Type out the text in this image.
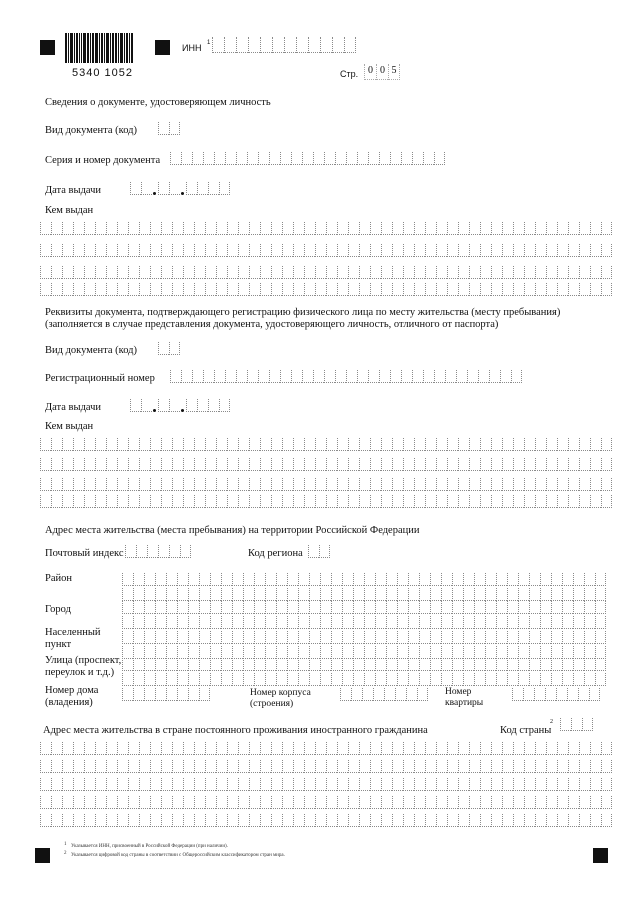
5340 1052
ИНН 1
Стр. 0 0 5
Сведения о документе, удостоверяющем личность
Вид документа (код)
Серия и номер документа
Дата выдачи
Кем выдан
Реквизиты документа, подтверждающего регистрацию физического лица по месту жительства (месту пребывания) (заполняется в случае представления документа, удостоверяющего личность, отличного от паспорта)
Вид документа (код)
Регистрационный номер
Дата выдачи
Кем выдан
Адрес места жительства (места пребывания) на территории Российской Федерации
Почтовый индекс	Код региона
Район
Город
Населенный
пункт
Улица (проспект,
переулок и т.д.)
Номер дома
(владения)
Номер корпуса
(строения)
Номер
квартиры
Адрес места жительства в стране постоянного проживания иностранного гражданина	Код страны
2
1 Указывается ИНН, присвоенный в Российской Федерации (при наличии).
2 Указывается цифровой код страны в соответствии с Общероссийским классификатором стран мира.
